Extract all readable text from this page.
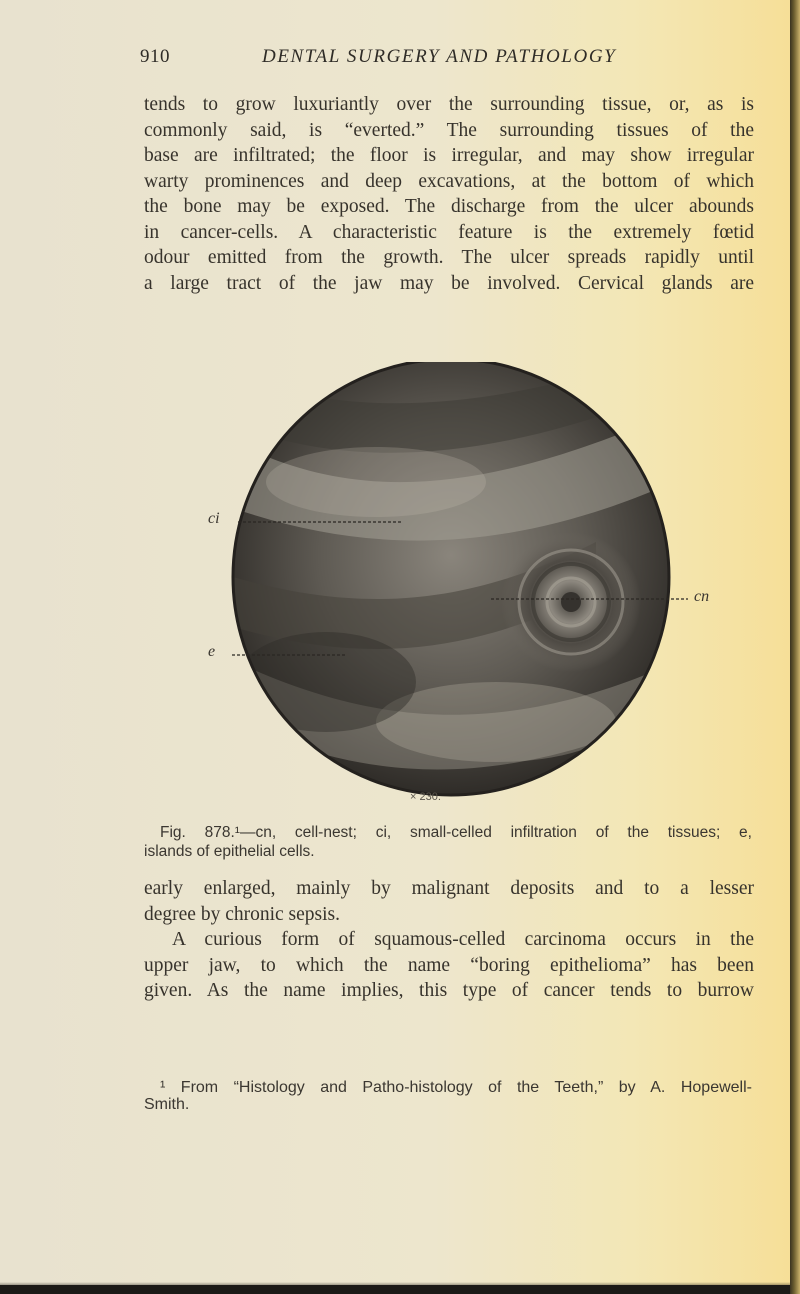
910	DENTAL SURGERY AND PATHOLOGY

tends to grow luxuriantly over the surrounding tissue, or, as is
commonly said, is “everted.” The surrounding tissues of the
base are infiltrated; the floor is irregular, and may show irregular
warty prominences and deep excavations, at the bottom of which
the bone may be exposed. The discharge from the ulcer abounds
in cancer-cells. A characteristic feature is the extremely fœtid
odour emitted from the growth. The ulcer spreads rapidly until
a large tract of the jaw may be involved. Cervical glands are

ci
cn
e
× 230.
Fig. 878.¹—cn, cell-nest; ci, small-celled infiltration of the tissues; e,
islands of epithelial cells.

early enlarged, mainly by malignant deposits and to a lesser
degree by chronic sepsis.

A curious form of squamous-celled carcinoma occurs in the
upper jaw, to which the name “boring epithelioma” has been
given. As the name implies, this type of cancer tends to burrow

¹ From “Histology and Patho-histology of the Teeth,” by A. Hopewell-
Smith.
